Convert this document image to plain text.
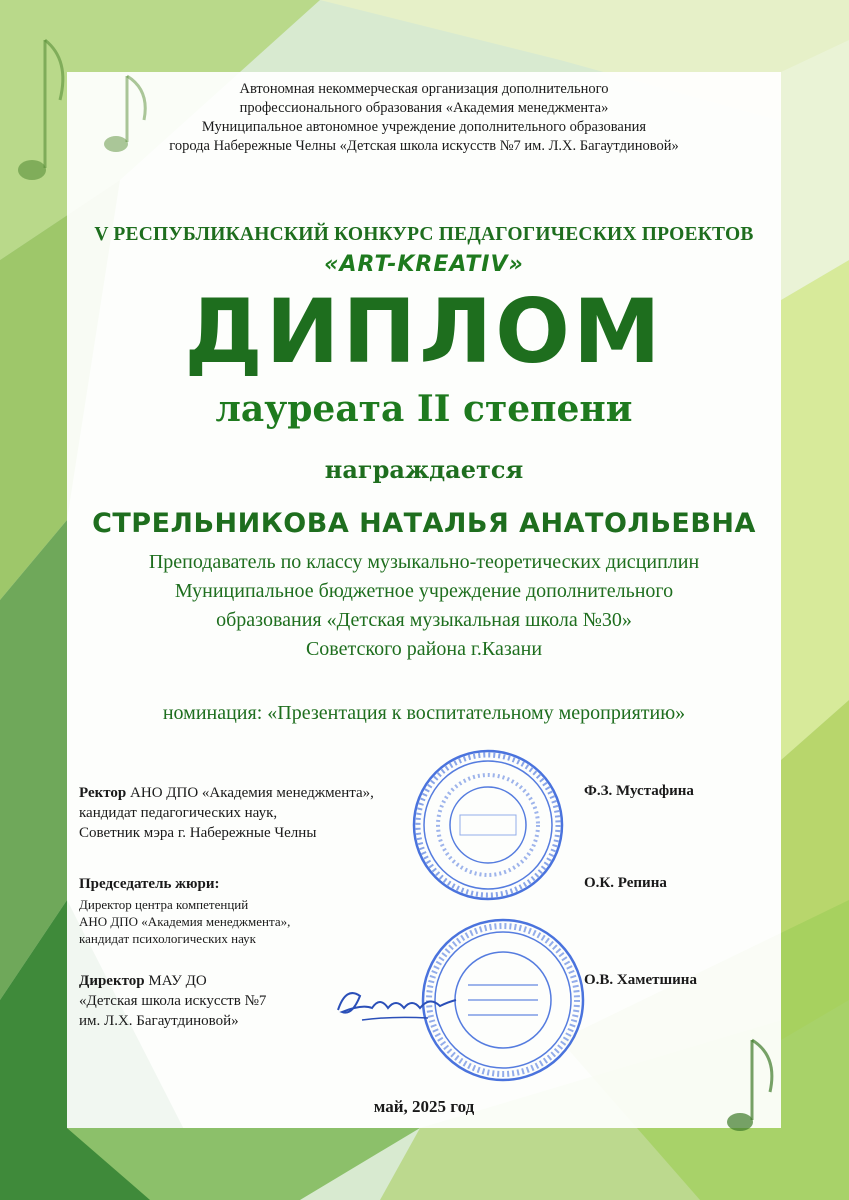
Автономная некоммерческая организация дополнительного
профессионального образования «Академия менеджмента»
Муниципальное автономное учреждение дополнительного образования
города Набережные Челны «Детская школа искусств №7 им. Л.Х. Багаутдиновой»
V РЕСПУБЛИКАНСКИЙ КОНКУРС ПЕДАГОГИЧЕСКИХ ПРОЕКТОВ
«ART-KREATIV»
ДИПЛОМ
лауреата II степени
награждается
СТРЕЛЬНИКОВА НАТАЛЬЯ АНАТОЛЬЕВНА
Преподаватель по классу музыкально-теоретических дисциплин
Муниципальное бюджетное учреждение дополнительного
образования «Детская музыкальная школа №30»
Советского района г.Казани
номинация: «Презентация к воспитательному мероприятию»
Ректор АНО ДПО «Академия менеджмента»,
кандидат педагогических наук,
Советник мэра г. Набережные Челны
Ф.З. Мустафина
Председатель жюри:
Директор центра компетенций
АНО ДПО «Академия менеджмента»,
кандидат психологических наук
О.К. Репина
Директор МАУ ДО
«Детская школа искусств №7
им. Л.Х. Багаутдиновой»
О.В. Хаметшина
май, 2025 год
